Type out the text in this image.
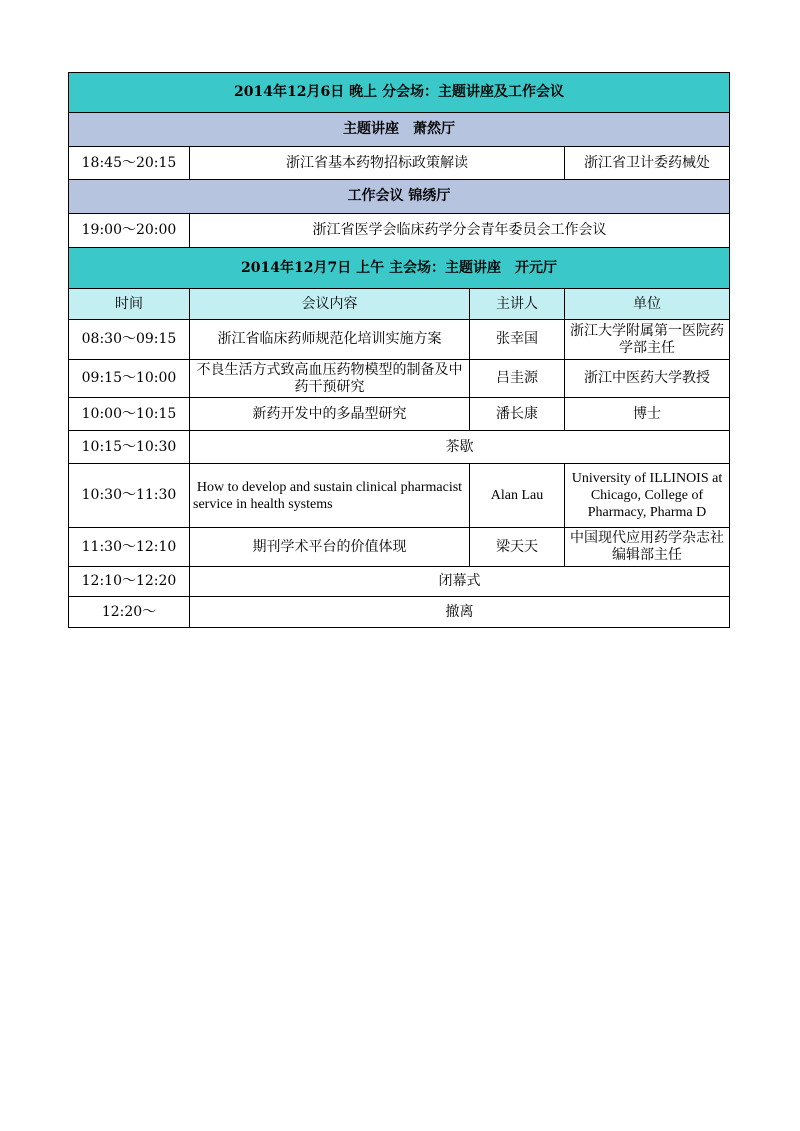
2014年12月6日 晚上 分会场：主题讲座及工作会议			
主题讲座　萧然厅			
18:45～20:15	浙江省基本药物招标政策解读		浙江省卫计委药械处
工作会议 锦绣厅			
19:00～20:00	浙江省医学会临床药学分会青年委员会工作会议		
2014年12月7日 上午 主会场：主题讲座　开元厅			
时间	会议内容	主讲人	单位
08:30～09:15	浙江省临床药师规范化培训实施方案	张幸国	浙江大学附属第一医院药学部主任
09:15～10:00	不良生活方式致高血压药物模型的制备及中药干预研究	吕圭源	浙江中医药大学教授
10:00～10:15	新药开发中的多晶型研究	潘长康	博士
10:15～10:30	茶歇		
10:30～11:30	How to develop and sustain clinical pharmacist service in health systems	Alan Lau	University of ILLINOIS at Chicago, College of Pharmacy, Pharma D
11:30～12:10	期刊学术平台的价值体现	梁天天	中国现代应用药学杂志社编辑部主任
12:10～12:20	闭幕式		
12:20～	撤离		
